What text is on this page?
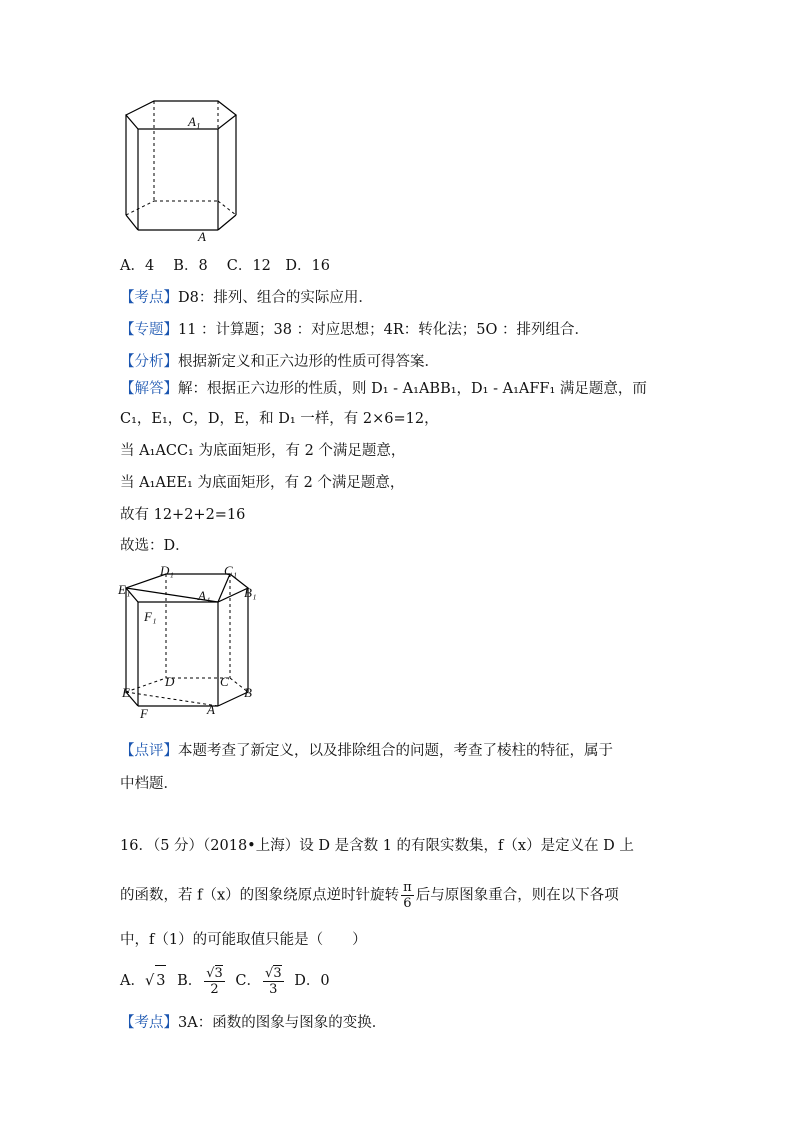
$A_1$
A
A．4　 B．8　 C．12　D．16
【考点】D8：排列、组合的实际应用．
【专题】11 ：计算题；38 ：对应思想；4R：转化法；5O ：排列组合．
【分析】根据新定义和正六边形的性质可得答案．
【解答】解：根据正六边形的性质，则 D₁ - A₁ABB₁，D₁ - A₁AFF₁ 满足题意，而
C₁，E₁，C，D，E，和 D₁ 一样，有 2×6=12，
当 A₁ACC₁ 为底面矩形，有 2 个满足题意，
当 A₁AEE₁ 为底面矩形，有 2 个满足题意，
故有 12+2+2=16
故选：D．
D₁	C₁
E₁	B₁
A₁
F₁
D	C
E	B
F	A
【点评】本题考查了新定义，以及排除组合的问题，考查了棱柱的特征，属于
中档题．
16．（5 分）（2018•上海）设 D 是含数 1 的有限实数集，f（x）是定义在 D 上
的函数，若 f（x）的图象绕原点逆时针旋转 $\frac{\pi}{6}$ 后与原图象重合，则在以下各项
中，f（1）的可能取值只能是（　　）
A．√ 3 B． $\frac{√3}{2}$ C． $\frac{√3}{3}$ D．0
【考点】3A：函数的图象与图象的变换．
